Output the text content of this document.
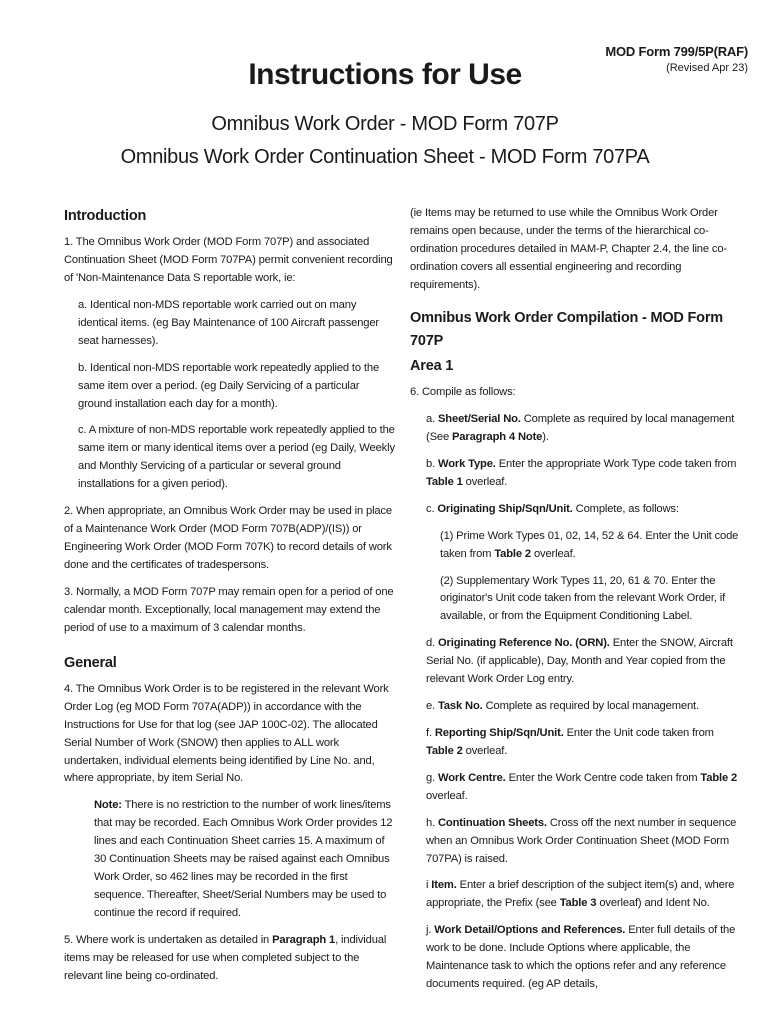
MOD Form 799/5P(RAF)
(Revised Apr 23)
Instructions for Use
Omnibus Work Order - MOD Form 707P
Omnibus Work Order Continuation Sheet - MOD Form 707PA
Introduction

1. The Omnibus Work Order (MOD Form 707P) and associated Continuation Sheet (MOD Form 707PA) permit convenient recording of 'Non-Maintenance Data S reportable work, ie:

a. Identical non-MDS reportable work carried out on many identical items. (eg Bay Maintenance of 100 Aircraft passenger seat harnesses).

b. Identical non-MDS reportable work repeatedly applied to the same item over a period. (eg Daily Servicing of a particular ground installation each day for a month).

c. A mixture of non-MDS reportable work repeatedly applied to the same item or many identical items over a period (eg Daily, Weekly and Monthly Servicing of a particular or several ground installations for a given period).

2. When appropriate, an Omnibus Work Order may be used in place of a Maintenance Work Order (MOD Form 707B(ADP)/(IS)) or Engineering Work Order (MOD Form 707K) to record details of work done and the certificates of tradespersons.

3. Normally, a MOD Form 707P may remain open for a period of one calendar month. Exceptionally, local management may extend the period of use to a maximum of 3 calendar months.

General

4. The Omnibus Work Order is to be registered in the relevant Work Order Log (eg MOD Form 707A(ADP)) in accordance with the Instructions for Use for that log (see JAP 100C-02). The allocated Serial Number of Work (SNOW) then applies to ALL work undertaken, individual elements being identified by Line No. and, where appropriate, by item Serial No.

Note: There is no restriction to the number of work lines/items that may be recorded. Each Omnibus Work Order provides 12 lines and each Continuation Sheet carries 15. A maximum of 30 Continuation Sheets may be raised against each Omnibus Work Order, so 462 lines may be recorded in the first sequence. Thereafter, Sheet/Serial Numbers may be used to continue the record if required.

5. Where work is undertaken as detailed in Paragraph 1, individual items may be released for use when completed subject to the relevant line being co-ordinated.

(ie Items may be returned to use while the Omnibus Work Order remains open because, under the terms of the hierarchical co-ordination procedures detailed in MAM-P, Chapter 2.4, the line co-ordination covers all essential engineering and recording requirements).

Omnibus Work Order Compilation - MOD Form 707P
Area 1

6. Compile as follows:

a. Sheet/Serial No. Complete as required by local management (See Paragraph 4 Note).

b. Work Type. Enter the appropriate Work Type code taken from Table 1 overleaf.

c. Originating Ship/Sqn/Unit. Complete, as follows:

(1) Prime Work Types 01, 02, 14, 52 & 64. Enter the Unit code taken from Table 2 overleaf.

(2) Supplementary Work Types 11, 20, 61 & 70. Enter the originator's Unit code taken from the relevant Work Order, if available, or from the Equipment Conditioning Label.

d. Originating Reference No. (ORN). Enter the SNOW, Aircraft Serial No. (if applicable), Day, Month and Year copied from the relevant Work Order Log entry.

e. Task No. Complete as required by local management.

f. Reporting Ship/Sqn/Unit. Enter the Unit code taken from Table 2 overleaf.

g. Work Centre. Enter the Work Centre code taken from Table 2 overleaf.

h. Continuation Sheets. Cross off the next number in sequence when an Omnibus Work Order Continuation Sheet (MOD Form 707PA) is raised.

i Item. Enter a brief description of the subject item(s) and, where appropriate, the Prefix (see Table 3 overleaf) and Ident No.

j. Work Detail/Options and References. Enter full details of the work to be done. Include Options where applicable, the Maintenance task to which the options refer and any reference documents required. (eg AP details,
